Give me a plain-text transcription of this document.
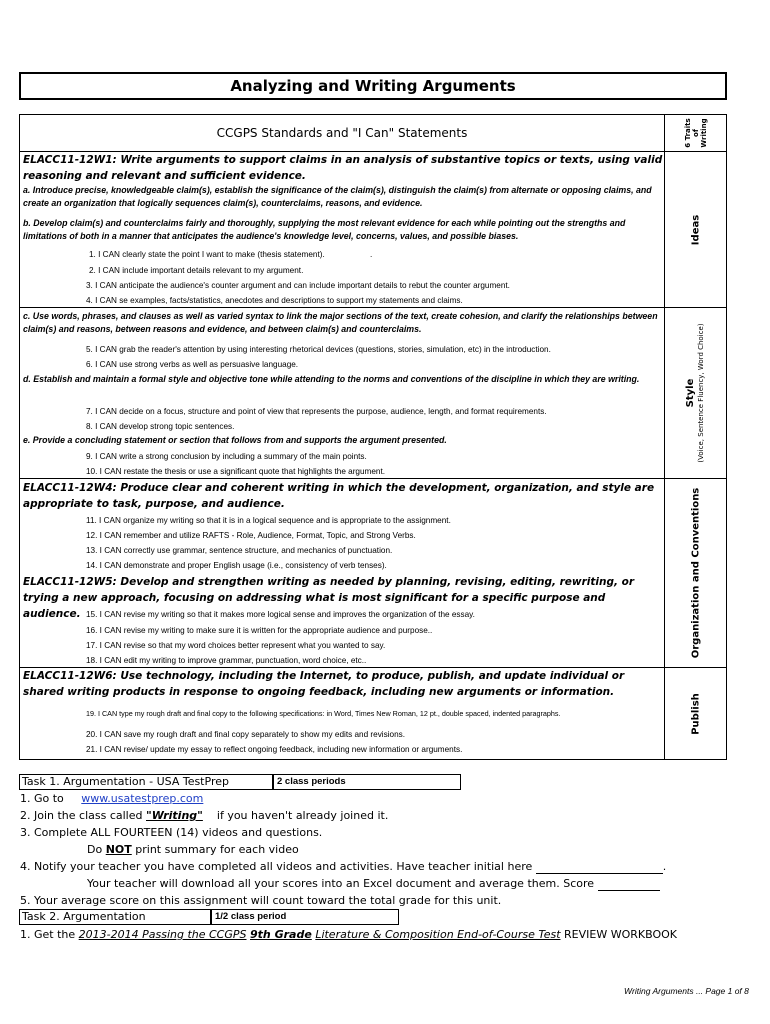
Analyzing and Writing Arguments
CCGPS Standards and "I Can" Statements	6 Traits of Writing
ELACC11-12W1: Write arguments to support claims in an analysis of substantive topics or texts, using valid reasoning and relevant and sufficient evidence.
a. Introduce precise, knowledgeable claim(s), establish the significance of the claim(s), distinguish the claim(s) from alternate or opposing claims, and create an organization that logically sequences claim(s), counterclaims, reasons, and evidence.
b. Develop claim(s) and counterclaims fairly and thoroughly, supplying the most relevant evidence for each while pointing out the strengths and limitations of both in a manner that anticipates the audience's knowledge level, concerns, values, and possible biases.
1. I CAN clearly state the point I want to make (thesis statement).	.
2. I CAN include important details relevant to my argument.
3. I CAN anticipate the audience's counter argument and can include important details to rebut the counter argument.
4. I CAN se examples, facts/statistics, anecdotes and descriptions to support my statements and claims.
Ideas
c. Use words, phrases, and clauses as well as varied syntax to link the major sections of the text, create cohesion, and clarify the relationships between claim(s) and reasons, between reasons and evidence, and between claim(s) and counterclaims.
5. I CAN grab the reader's attention by using interesting rhetorical devices (questions, stories, simulation, etc) in the introduction.
6. I CAN use strong verbs as well as persuasive language.
d. Establish and maintain a formal style and objective tone while attending to the norms and conventions of the discipline in which they are writing.
7. I CAN decide on a focus, structure and point of view that represents the purpose, audience, length, and format requirements.
8. I CAN develop strong topic sentences.
e. Provide a concluding statement or section that follows from and supports the argument presented.
9. I CAN write a strong conclusion by including a summary of the main points.
10. I CAN restate the thesis or use a significant quote that highlights the argument.
Style (Voice, Sentence Fluency, Word Choice)
ELACC11-12W4: Produce clear and coherent writing in which the development, organization, and style are appropriate to task, purpose, and audience.
11. I CAN organize my writing so that it is in a logical sequence and is appropriate to the assignment.
12. I CAN remember and utilize RAFTS - Role, Audience, Format, Topic, and Strong Verbs.
13. I CAN correctly use grammar, sentence structure, and mechanics of punctuation.
14. I CAN demonstrate and proper English usage (i.e., consistency of verb tenses).
ELACC11-12W5: Develop and strengthen writing as needed by planning, revising, editing, rewriting, or trying a new approach, focusing on addressing what is most significant for a specific purpose and audience. 15. I CAN revise my writing so that it makes more logical sense and improves the organization of the essay.
16. I CAN revise my writing to make sure it is written for the appropriate audience and purpose..
17. I CAN revise so that my word choices better represent what you wanted to say.
18. I CAN edit my writing to improve grammar, punctuation, word choice, etc..
Organization and Conventions
ELACC11-12W6: Use technology, including the Internet, to produce, publish, and update individual or shared writing products in response to ongoing feedback, including new arguments or information.
19. I CAN type my rough draft and final copy to the following specifications: in Word, Times New Roman, 12 pt., double spaced, indented paragraphs.
20. I CAN save my rough draft and final copy separately to show my edits and revisions.
21. I CAN revise/ update my essay to reflect ongoing feedback, including new information or arguments.
Publish
Task 1. Argumentation - USA TestPrep	2 class periods
1. Go to www.usatestprep.com
2. Join the class called "Writing" if you haven't already joined it.
3. Complete ALL FOURTEEN (14) videos and questions.
Do NOT print summary for each video
4. Notify your teacher you have completed all videos and activities. Have teacher initial here	.
Your teacher will download all your scores into an Excel document and average them. Score
5. Your average score on this assignment will count toward the total grade for this unit.
Task 2. Argumentation	1/2 class period
1. Get the 2013-2014 Passing the CCGPS 9th Grade Literature & Composition End-of-Course Test REVIEW WORKBOOK
Writing Arguments ... Page 1 of 8
